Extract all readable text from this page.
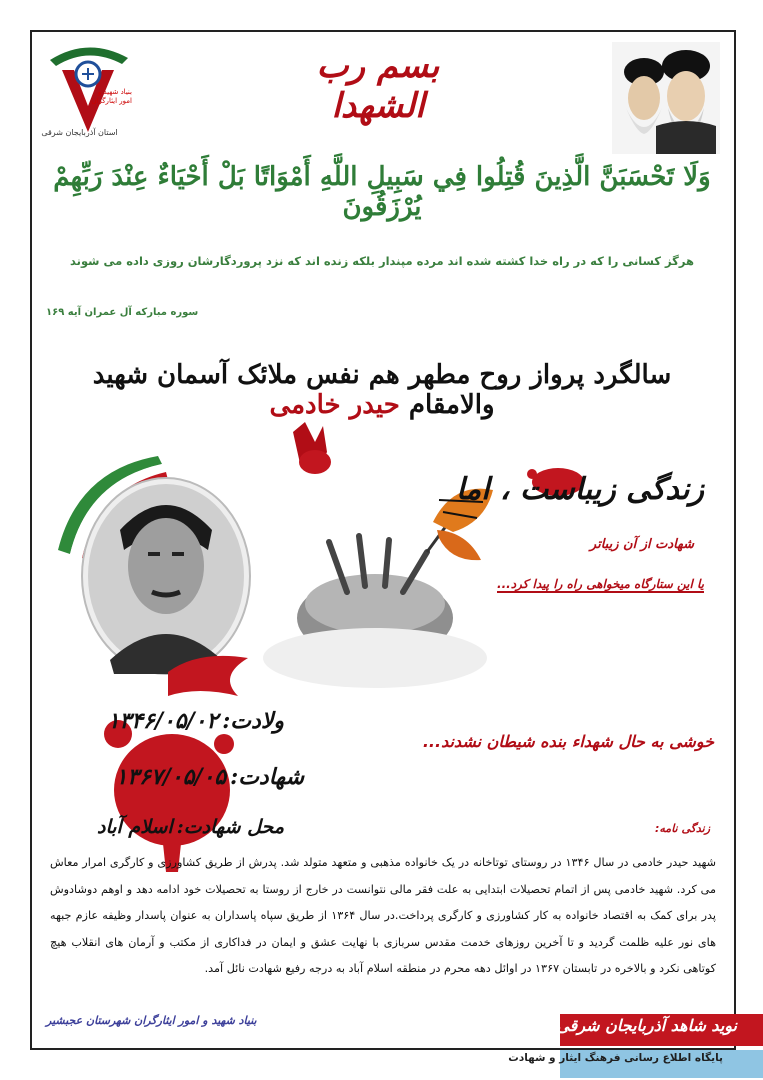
بنیاد شهید و امور ایثارگران
استان آذربایجان شرقی
بسم رب الشهدا
وَلَا تَحْسَبَنَّ الَّذِينَ قُتِلُوا فِي سَبِيلِ اللَّهِ أَمْوَاتًا بَلْ أَحْيَاءٌ عِنْدَ رَبِّهِمْ يُرْزَقُونَ
هرگز کسانی را که در راه خدا کشته شده اند مرده مپندار بلکه زنده اند که نزد پروردگارشان روزی داده می شوند
سوره مبارکه آل عمران آیه ۱۶۹
سالگرد پرواز روح مطهر هم نفس ملائک آسمان شهید والامقام حیدر خادمی
زندگی زیباست ، اما
شهادت از آن زیباتر
یا این ستارگاه میخواهی راه را پیدا کرد...
ولادت:۱۳۴۶/۰۵/۰۲
شهادت:۱۳۶۷/۰۵/۰۵
محل شهادت:اسلام آباد
خوشی به حال شهداء بنده شیطان نشدند...
زندگی نامه:
شهید حیدر خادمی در سال ۱۳۴۶ در روستای توتاخانه در یک خانواده مذهبی و متعهد متولد شد. پدرش از طریق کشاورزی و کارگری امرار معاش می کرد. شهید خادمی پس از اتمام تحصیلات ابتدایی به علت فقر مالی نتوانست در خارج از روستا به تحصیلات خود ادامه دهد و اوهم دوشادوش پدر برای کمک به اقتصاد خانواده به کار کشاورزی و کارگری پرداخت.در سال ۱۳۶۴ از طریق سپاه پاسداران به عنوان پاسدار وظیفه عازم جبهه های نور علیه ظلمت گردید و تا آخرین روزهای خدمت مقدس سربازی با نهایت عشق و ایمان در فداکاری از مکتب و آرمان های انقلاب هیچ کوتاهی نکرد و بالاخره در تابستان ۱۳۶۷ در اوائل دهه محرم در منطقه اسلام آباد به درجه رفیع شهادت نائل آمد.
بنیاد شهید و امور ایثارگران شهرستان عجبشیر	نوید شاهد آذربایجان شرقی
پایگاه اطلاع رسانی فرهنگ ایثار و شهادت
